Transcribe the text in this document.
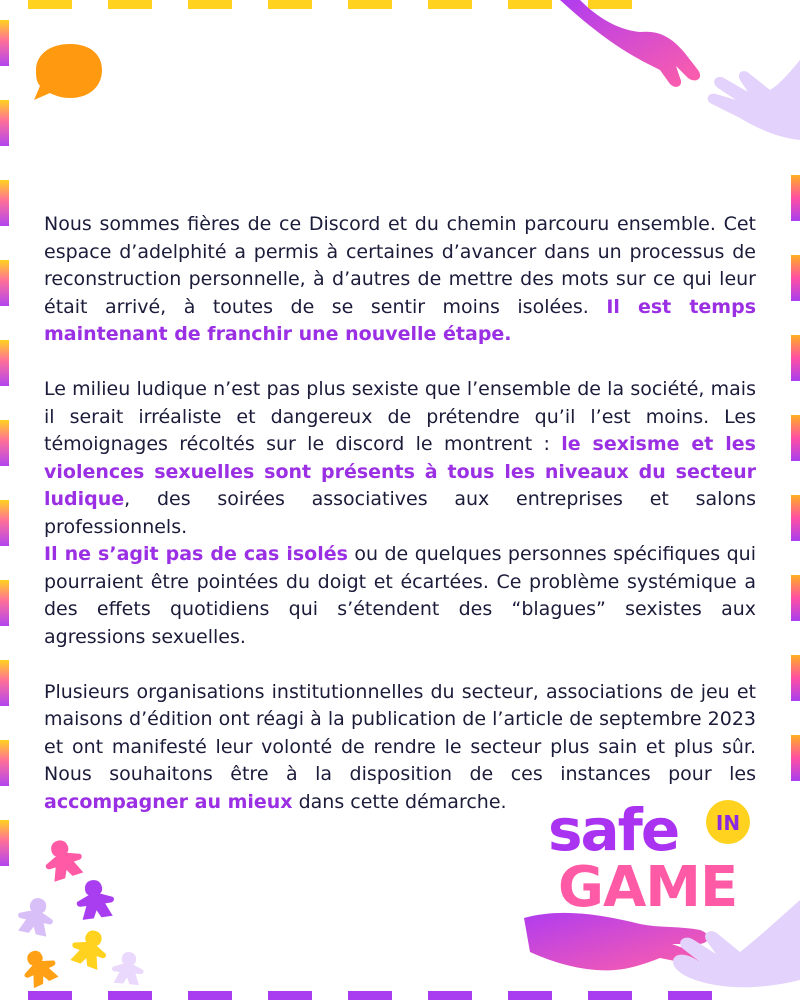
Nous sommes fières de ce Discord et du chemin parcouru ensemble. Cet espace d’adelphité a permis à certaines d’avancer dans un processus de reconstruction personnelle, à d’autres de mettre des mots sur ce qui leur était arrivé, à toutes de se sentir moins isolées. Il est temps maintenant de franchir une nouvelle étape.

Le milieu ludique n’est pas plus sexiste que l’ensemble de la société, mais il serait irréaliste et dangereux de prétendre qu’il l’est moins. Les témoignages récoltés sur le discord le montrent : le sexisme et les violences sexuelles sont présents à tous les niveaux du secteur ludique, des soirées associatives aux entreprises et salons professionnels.
Il ne s’agit pas de cas isolés ou de quelques personnes spécifiques qui pourraient être pointées du doigt et écartées. Ce problème systémique a des effets quotidiens qui s’étendent des “blagues” sexistes aux agressions sexuelles.

Plusieurs organisations institutionnelles du secteur, associations de jeu et maisons d’édition ont réagi à la publication de l’article de septembre 2023 et ont manifesté leur volonté de rendre le secteur plus sain et plus sûr. Nous souhaitons être à la disposition de ces instances pour les accompagner au mieux dans cette démarche. safe IN
GAME
